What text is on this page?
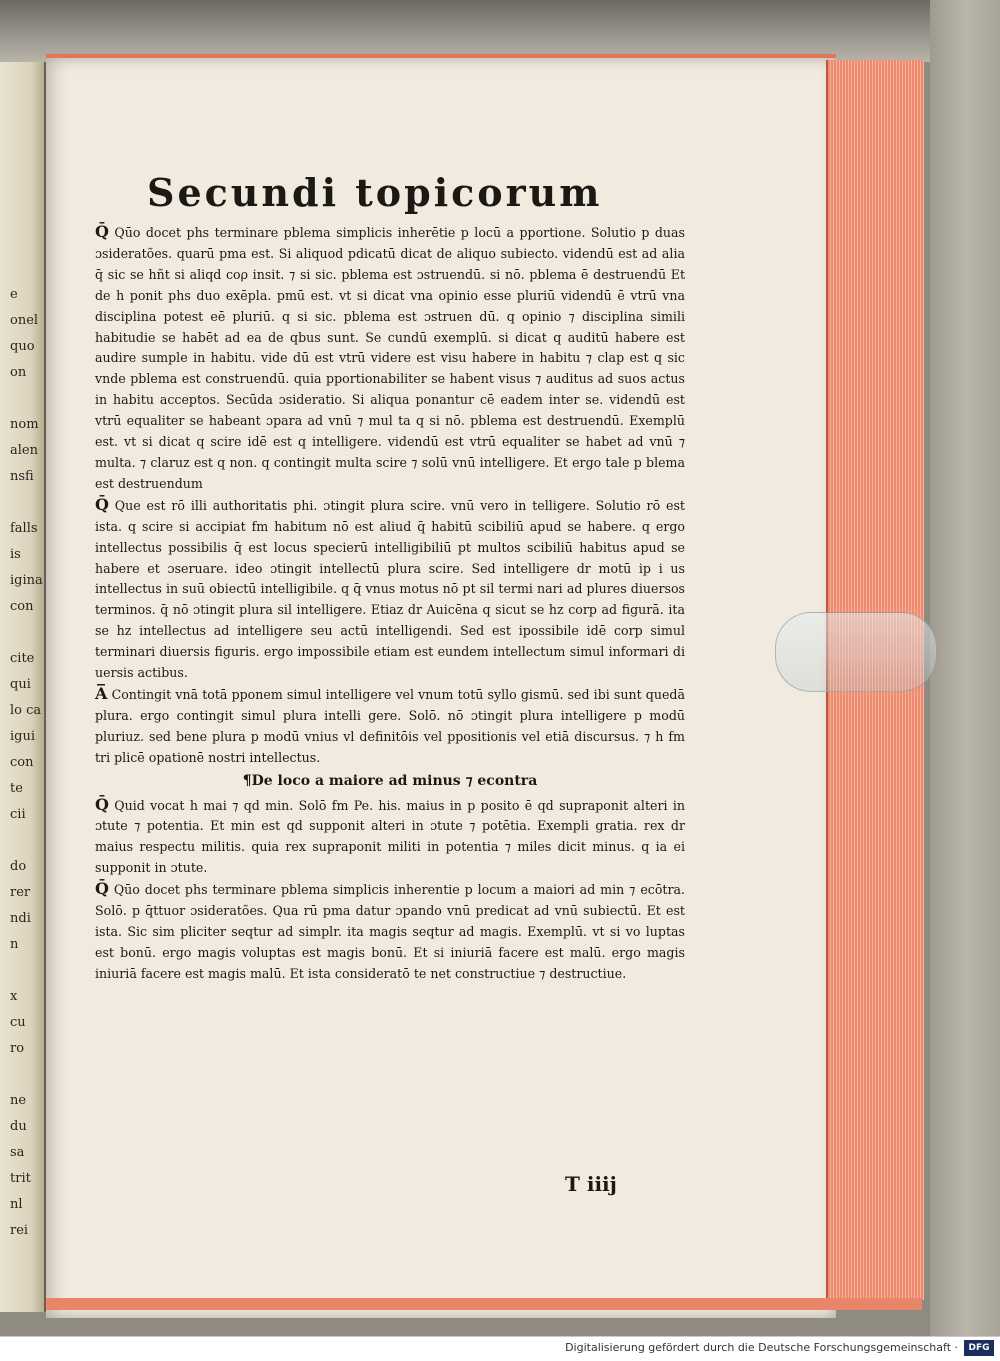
e
onel
quo
on

nom
alen
nsfi

falls
is
igina
con

cite
qui
lo ca
igui
con
te
cii

do
rer
ndi
n

x
cu
ro

ne
du
sa
trit
nl
rei
Secundi topicorum

Q̄ Qūo docet phs terminare pblema simplicis inherētie p locū a pportione. Solutio p duas ɔsideratões. quarū pma est. Si aliquod pdicatū dicat de aliquo subiecto. videndū est ad alia q̄ sic se hñt si aliqd coρ insit. ⁊ si sic. pblema est ɔstruendū. si nō. pblema ē destruendū Et de h ponit phs duo exēpla. pmū est. vt si dicat vna opinio esse pluriū videndū ē vtrū vna disciplina potest eē pluriū. q si sic. pblema est ɔstruen dū. q opinio ⁊ disciplina simili habitudie se habēt ad ea de qbus sunt. Se cundū exemplū. si dicat q auditū habere est audire sumple in habitu. vide dū est vtrū videre est visu habere in habitu ⁊ clap est q sic vnde pblema est construendū. quia pportionabiliter se habent visus ⁊ auditus ad suos actus in habitu acceptos. Secūda ɔsideratio. Si aliqua ponantur cē eadem inter se. videndū est vtrū equaliter se habeant ɔpara ad vnū ⁊ mul ta q si nō. pblema est destruendū. Exemplū est. vt si dicat q scire idē est q intelligere. videndū est vtrū equaliter se habet ad vnū ⁊ multa. ⁊ claruz est q non. q contingit multa scire ⁊ solū vnū intelligere. Et ergo tale p blema est destruendum

Q̄ Que est rō illi authoritatis phi. ɔtingit plura scire. vnū vero in telligere. Solutio rō est ista. q scire si accipiat fm habitum nō est aliud q̄ habitū scibiliū apud se habere. q ergo intellectus possibilis q̄ est locus specierū intelligibiliū pt multos scibiliū habitus apud se habere et ɔseruare. ideo ɔtingit intellectū plura scire. Sed intelligere dr motū ip i us intellectus in suū obiectū intelligibile. q q̄ vnus motus nō pt sil termi nari ad plures diuersos terminos. q̄ nō ɔtingit plura sil intelligere. Etiaz dr Auicēna q sicut se hz corp ad figurā. ita se hz intellectus ad intelligere seu actū intelligendi. Sed est ipossibile idē corp simul terminari diuersis figuris. ergo impossibile etiam est eundem intellectum simul informari di uersis actibus.

A̅ Contingit vnā totā pponem simul intelligere vel vnum totū syllo gismū. sed ibi sunt quedā plura. ergo contingit simul plura intelli gere. Solō. nō ɔtingit plura intelligere p modū pluriuz. sed bene plura p modū vnius vl definitōis vel ppositionis vel etiā discursus. ⁊ h fm tri plicē opationē nostri intellectus.

¶De loco a maiore ad minus ⁊ econtra

Q̄ Quid vocat h mai ⁊ qd min. Solō fm Pe. his. maius in p posito ē qd supraponit alteri in ɔtute ⁊ potentia. Et min est qd supponit alteri in ɔtute ⁊ potētia. Exempli gratia. rex dr maius respectu militis. quia rex supraponit militi in potentia ⁊ miles dicit minus. q ia ei supponit in ɔtute.

Q̄ Qūo docet phs terminare pblema simplicis inherentie p locum a maiori ad min ⁊ ecōtra. Solō. p q̄ttuor ɔsideratões. Qua rū pma datur ɔpando vnū predicat ad vnū subiectū. Et est ista. Sic sim pliciter seqtur ad simplr. ita magis seqtur ad magis. Exemplū. vt si vo luptas est bonū. ergo magis voluptas est magis bonū. Et si iniuriā facere est malū. ergo magis iniuriā facere est magis malū. Et ista consideratō te net constructiue ⁊ destructiue.

T iiij
Digitalisierung gefördert durch die Deutsche Forschungsgemeinschaft ·	DFG
